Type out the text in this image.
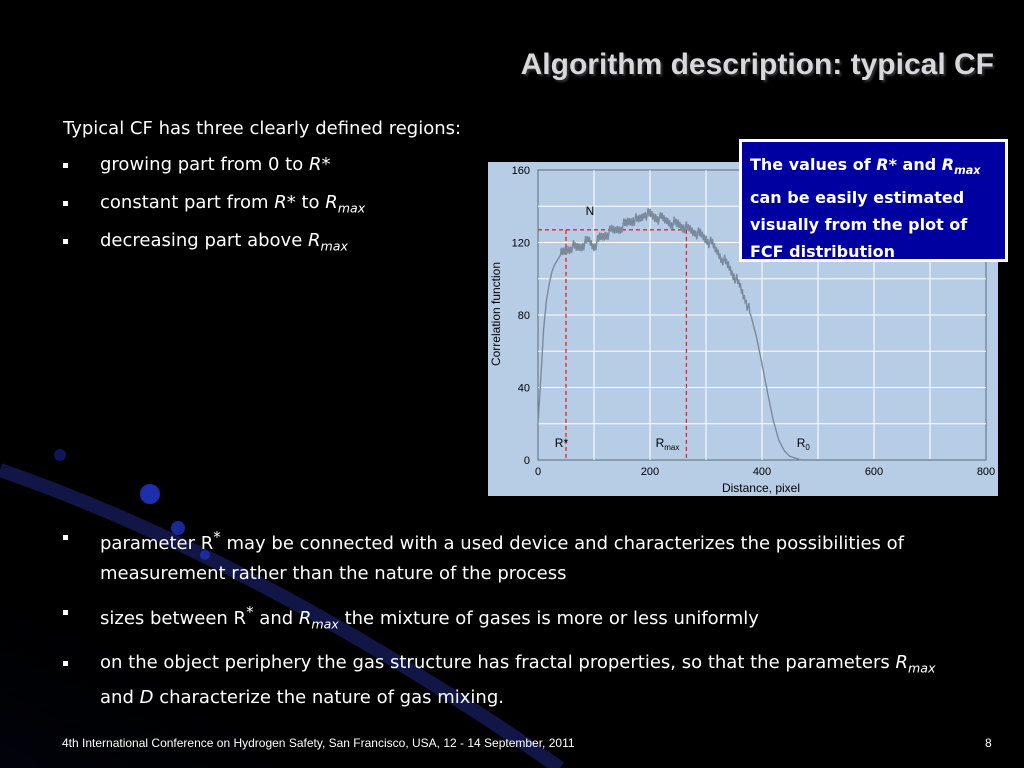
Algorithm description: typical CF
Typical CF has three clearly defined regions:
growing part from 0 to R*
constant part from R* to $R_{max}$
decreasing part above $R_{max}$
0	200	400	600	800
0
40
80
120
160
N
R*	$R_{max}$	$R_0$
Distance, pixel
Correlation function
The values of R* and $R_{max}$ can be easily estimated visually from the plot of FCF distribution
parameter R* may be connected with a used device and characterizes the possibilities of measurement rather than the nature of the process
sizes between R* and $R_{max}$ the mixture of gases is more or less uniformly
on the object periphery the gas structure has fractal properties, so that the parameters $R_{max}$ and D characterize the nature of gas mixing.
4th International Conference on Hydrogen Safety, San Francisco, USA, 12 - 14 September, 2011	8
